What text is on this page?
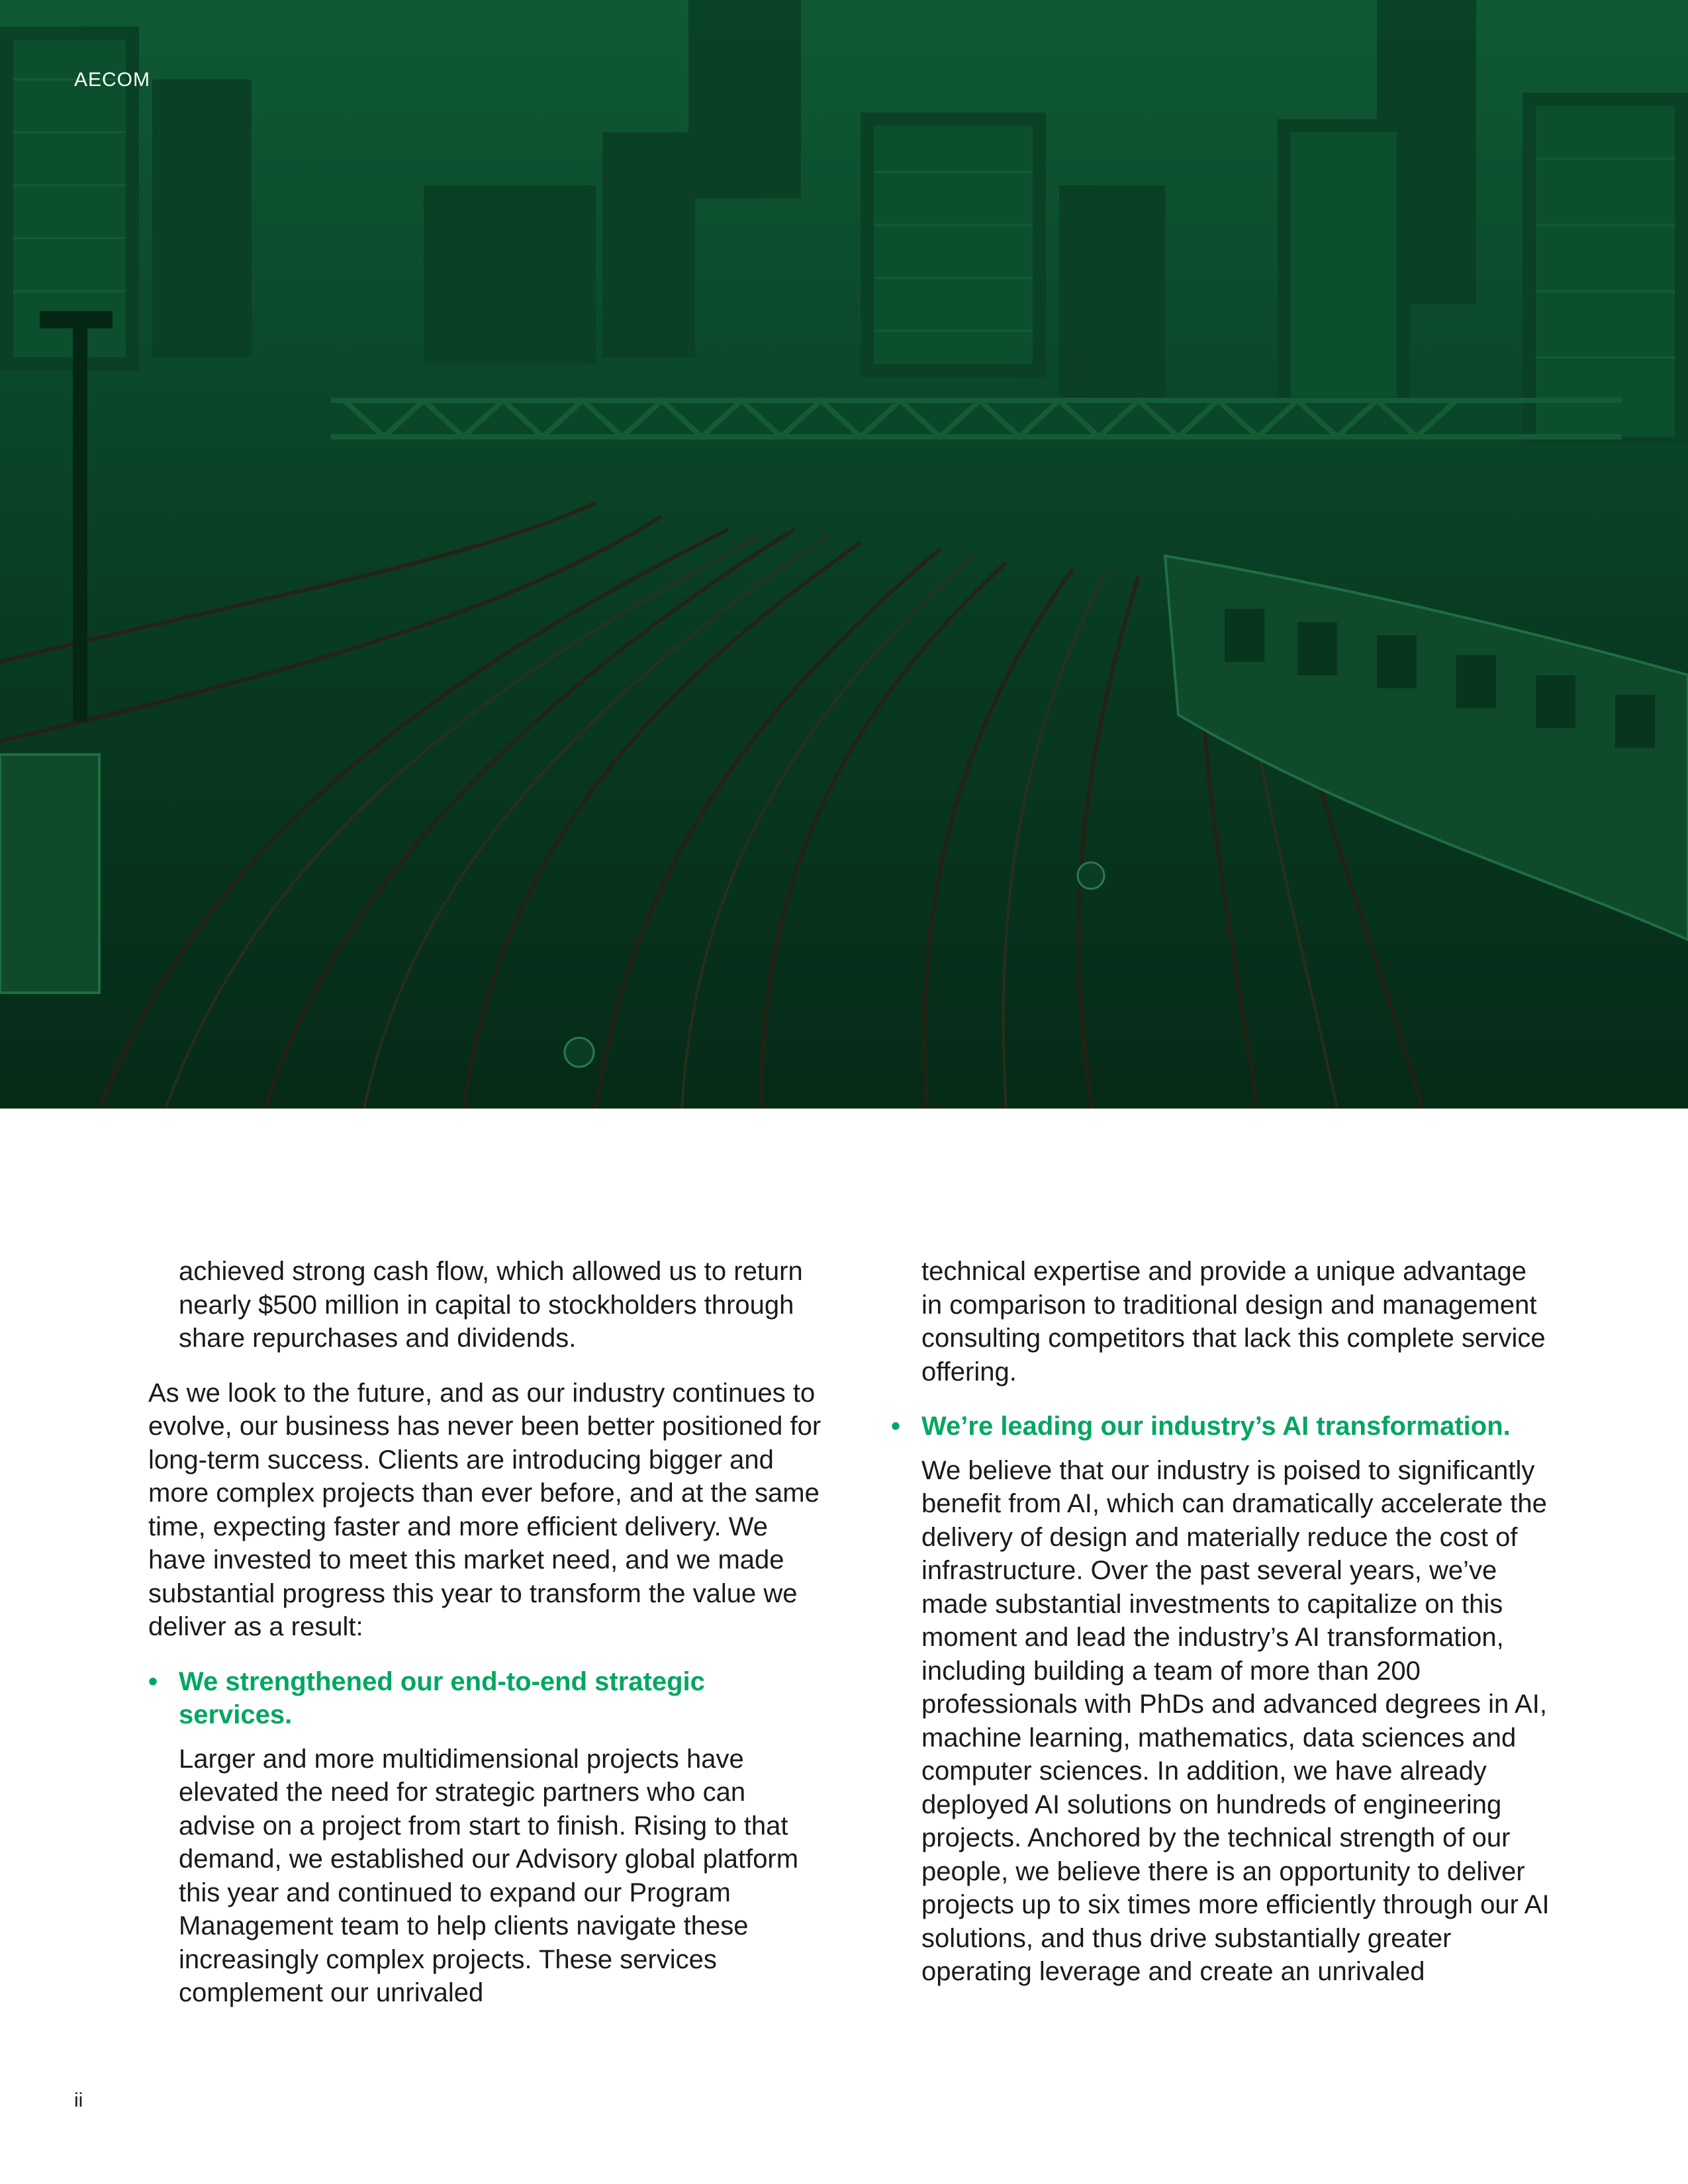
AECOM

achieved strong cash flow, which allowed us to return nearly $500 million in capital to stockholders through share repurchases and dividends.

As we look to the future, and as our industry continues to evolve, our business has never been better positioned for long-term success. Clients are introducing bigger and more complex projects than ever before, and at the same time, expecting faster and more efficient delivery. We have invested to meet this market need, and we made substantial progress this year to transform the value we deliver as a result:

• We strengthened our end-to-end strategic services.

Larger and more multidimensional projects have elevated the need for strategic partners who can advise on a project from start to finish. Rising to that demand, we established our Advisory global platform this year and continued to expand our Program Management team to help clients navigate these increasingly complex projects. These services complement our unrivaled

technical expertise and provide a unique advantage in comparison to traditional design and management consulting competitors that lack this complete service offering.

• We’re leading our industry’s AI transformation.

We believe that our industry is poised to significantly benefit from AI, which can dramatically accelerate the delivery of design and materially reduce the cost of infrastructure. Over the past several years, we’ve made substantial investments to capitalize on this moment and lead the industry’s AI transformation, including building a team of more than 200 professionals with PhDs and advanced degrees in AI, machine learning, mathematics, data sciences and computer sciences. In addition, we have already deployed AI solutions on hundreds of engineering projects. Anchored by the technical strength of our people, we believe there is an opportunity to deliver projects up to six times more efficiently through our AI solutions, and thus drive substantially greater operating leverage and create an unrivaled

ii
